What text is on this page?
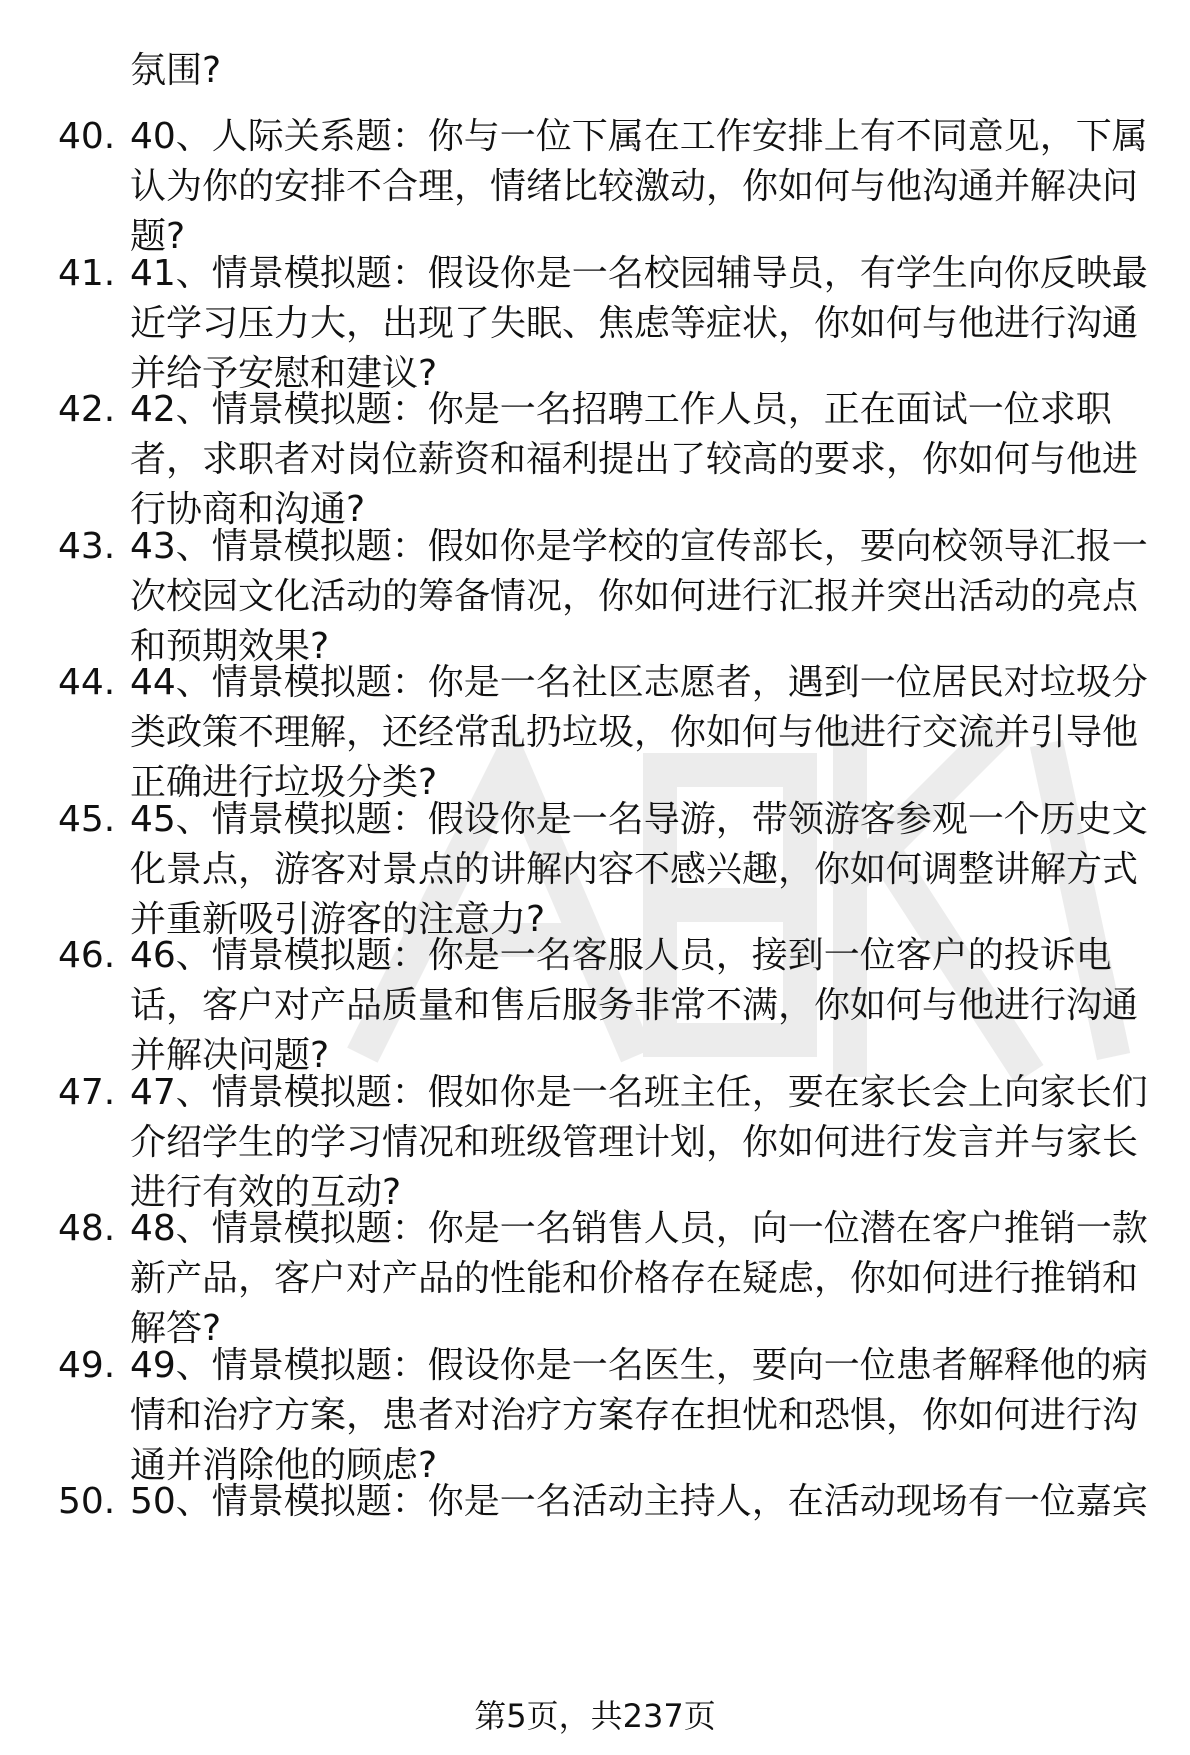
氛围?
40. 40、人际关系题：你与一位下属在工作安排上有不同意见，下属
认为你的安排不合理，情绪比较激动，你如何与他沟通并解决问
题?
41. 41、情景模拟题：假设你是一名校园辅导员，有学生向你反映最
近学习压力大，出现了失眠、焦虑等症状，你如何与他进行沟通
并给予安慰和建议?
42. 42、情景模拟题：你是一名招聘工作人员，正在面试一位求职
者，求职者对岗位薪资和福利提出了较高的要求，你如何与他进
行协商和沟通?
43. 43、情景模拟题：假如你是学校的宣传部长，要向校领导汇报一
次校园文化活动的筹备情况，你如何进行汇报并突出活动的亮点
和预期效果?
44. 44、情景模拟题：你是一名社区志愿者，遇到一位居民对垃圾分
类政策不理解，还经常乱扔垃圾，你如何与他进行交流并引导他
正确进行垃圾分类?
45. 45、情景模拟题：假设你是一名导游，带领游客参观一个历史文
化景点，游客对景点的讲解内容不感兴趣，你如何调整讲解方式
并重新吸引游客的注意力?
46. 46、情景模拟题：你是一名客服人员，接到一位客户的投诉电
话，客户对产品质量和售后服务非常不满，你如何与他进行沟通
并解决问题?
47. 47、情景模拟题：假如你是一名班主任，要在家长会上向家长们
介绍学生的学习情况和班级管理计划，你如何进行发言并与家长
进行有效的互动?
48. 48、情景模拟题：你是一名销售人员，向一位潜在客户推销一款
新产品，客户对产品的性能和价格存在疑虑，你如何进行推销和
解答?
49. 49、情景模拟题：假设你是一名医生，要向一位患者解释他的病
情和治疗方案，患者对治疗方案存在担忧和恐惧，你如何进行沟
通并消除他的顾虑?
50. 50、情景模拟题：你是一名活动主持人，在活动现场有一位嘉宾
第5页，共237页
